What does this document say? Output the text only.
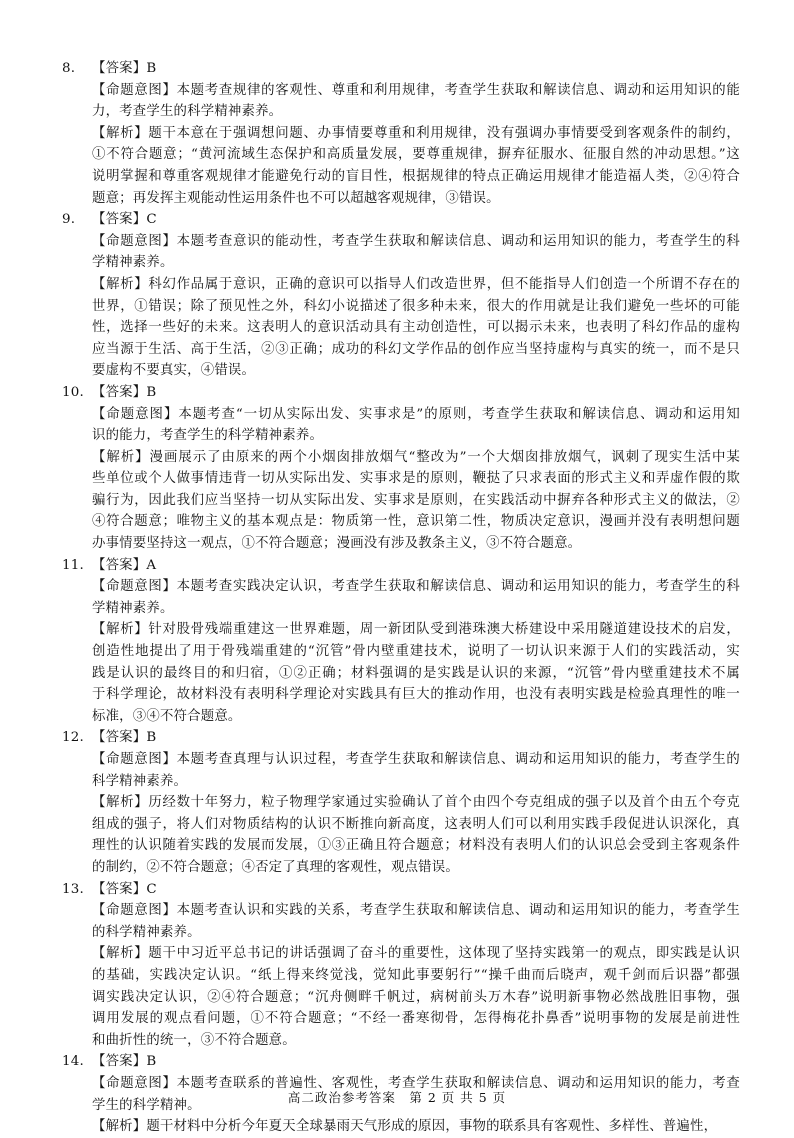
8. 【答案】B
【命题意图】本题考查规律的客观性、尊重和利用规律，考查学生获取和解读信息、调动和运用知识的能
力，考查学生的科学精神素养。
【解析】题干本意在于强调想问题、办事情要尊重和利用规律，没有强调办事情要受到客观条件的制约，
①不符合题意；“黄河流域生态保护和高质量发展，要尊重规律，摒弃征服水、征服自然的冲动思想。”这
说明掌握和尊重客观规律才能避免行动的盲目性，根据规律的特点正确运用规律才能造福人类，②④符合
题意；再发挥主观能动性运用条件也不可以超越客观规律，③错误。
9. 【答案】C
【命题意图】本题考查意识的能动性，考查学生获取和解读信息、调动和运用知识的能力，考查学生的科
学精神素养。
【解析】科幻作品属于意识，正确的意识可以指导人们改造世界，但不能指导人们创造一个所谓不存在的
世界，①错误；除了预见性之外，科幻小说描述了很多种未来，很大的作用就是让我们避免一些坏的可能
性，选择一些好的未来。这表明人的意识活动具有主动创造性，可以揭示未来，也表明了科幻作品的虚构
应当源于生活、高于生活，②③正确；成功的科幻文学作品的创作应当坚持虚构与真实的统一，而不是只
要虚构不要真实，④错误。
10. 【答案】B
【命题意图】本题考查“一切从实际出发、实事求是”的原则，考查学生获取和解读信息、调动和运用知
识的能力，考查学生的科学精神素养。
【解析】漫画展示了由原来的两个小烟囱排放烟气“整改为”一个大烟囱排放烟气，讽刺了现实生活中某
些单位或个人做事情违背一切从实际出发、实事求是的原则，鞭挞了只求表面的形式主义和弄虚作假的欺
骗行为，因此我们应当坚持一切从实际出发、实事求是原则，在实践活动中摒弃各种形式主义的做法，②
④符合题意；唯物主义的基本观点是：物质第一性，意识第二性，物质决定意识，漫画并没有表明想问题
办事情要坚持这一观点，①不符合题意；漫画没有涉及教条主义，③不符合题意。
11. 【答案】A
【命题意图】本题考查实践决定认识，考查学生获取和解读信息、调动和运用知识的能力，考查学生的科
学精神素养。
【解析】针对股骨残端重建这一世界难题，周一新团队受到港珠澳大桥建设中采用隧道建设技术的启发，
创造性地提出了用于骨残端重建的“沉管”骨内壁重建技术，说明了一切认识来源于人们的实践活动，实
践是认识的最终目的和归宿，①②正确；材料强调的是实践是认识的来源，“沉管”骨内壁重建技术不属
于科学理论，故材料没有表明科学理论对实践具有巨大的推动作用，也没有表明实践是检验真理性的唯一
标准，③④不符合题意。
12. 【答案】B
【命题意图】本题考查真理与认识过程，考查学生获取和解读信息、调动和运用知识的能力，考查学生的
科学精神素养。
【解析】历经数十年努力，粒子物理学家通过实验确认了首个由四个夸克组成的强子以及首个由五个夸克
组成的强子，将人们对物质结构的认识不断推向新高度，这表明人们可以利用实践手段促进认识深化，真
理性的认识随着实践的发展而发展，①③正确且符合题意；材料没有表明人们的认识总会受到主客观条件
的制约，②不符合题意；④否定了真理的客观性，观点错误。
13. 【答案】C
【命题意图】本题考查认识和实践的关系，考查学生获取和解读信息、调动和运用知识的能力，考查学生
的科学精神素养。
【解析】题干中习近平总书记的讲话强调了奋斗的重要性，这体现了坚持实践第一的观点，即实践是认识
的基础，实践决定认识。“纸上得来终觉浅，觉知此事要躬行”“操千曲而后晓声，观千剑而后识器”都强
调实践决定认识，②④符合题意；“沉舟侧畔千帆过，病树前头万木春”说明新事物必然战胜旧事物，强
调用发展的观点看问题，①不符合题意；“不经一番寒彻骨，怎得梅花扑鼻香”说明事物的发展是前进性
和曲折性的统一，③不符合题意。
14. 【答案】B
【命题意图】本题考查联系的普遍性、客观性，考查学生获取和解读信息、调动和运用知识的能力，考查
学生的科学精神。
【解析】题干材料中分析今年夏天全球暴雨天气形成的原因，事物的联系具有客观性、多样性、普遍性，
高二政治参考答案　第 2 页 共 5 页
